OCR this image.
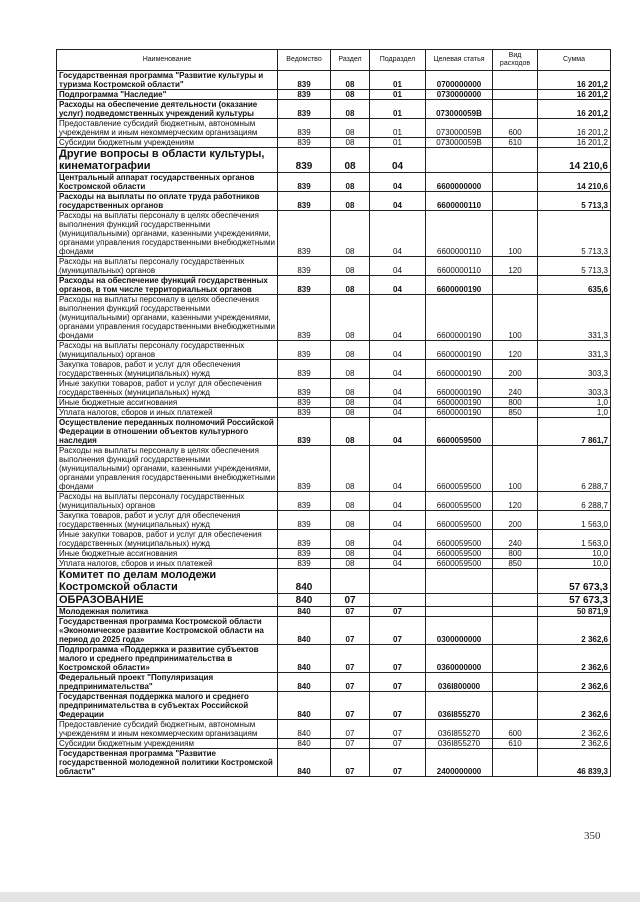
Наименование	Ведомство	Раздел	Подраздел	Целевая статья	Вид расходов	Сумма
Государственная программа "Развитие культуры и туризма Костромской области"	839	08	01	0700000000		16 201,2
Подпрограмма "Наследие"	839	08	01	0730000000		16 201,2
Расходы на обеспечение деятельности (оказание услуг) подведомственных учреждений культуры	839	08	01	073000059В		16 201,2
Предоставление субсидий бюджетным, автономным учреждениям и иным некоммерческим организациям	839	08	01	073000059В	600	16 201,2
Субсидии бюджетным учреждениям	839	08	01	073000059В	610	16 201,2
Другие вопросы в области культуры, кинематографии	839	08	04			14 210,6
Центральный аппарат государственных органов Костромской области	839	08	04	6600000000		14 210,6
Расходы на выплаты по оплате труда работников государственных органов	839	08	04	6600000110		5 713,3
Расходы на выплаты персоналу в целях обеспечения выполнения функций государственными (муниципальными) органами, казенными учреждениями, органами управления государственными внебюджетными фондами	839	08	04	6600000110	100	5 713,3
Расходы на выплаты персоналу государственных (муниципальных) органов	839	08	04	6600000110	120	5 713,3
Расходы на обеспечение функций государственных органов, в том числе территориальных органов	839	08	04	6600000190		635,6
Расходы на выплаты персоналу в целях обеспечения выполнения функций государственными (муниципальными) органами, казенными учреждениями, органами управления государственными внебюджетными фондами	839	08	04	6600000190	100	331,3
Расходы на выплаты персоналу государственных (муниципальных) органов	839	08	04	6600000190	120	331,3
Закупка товаров, работ и услуг для обеспечения государственных (муниципальных) нужд	839	08	04	6600000190	200	303,3
Иные закупки товаров, работ и услуг для обеспечения государственных (муниципальных) нужд	839	08	04	6600000190	240	303,3
Иные бюджетные ассигнования	839	08	04	6600000190	800	1,0
Уплата налогов, сборов и иных платежей	839	08	04	6600000190	850	1,0
Осуществление переданных полномочий Российской Федерации в отношении объектов культурного наследия	839	08	04	6600059500		7 861,7
Расходы на выплаты персоналу в целях обеспечения выполнения функций государственными (муниципальными) органами, казенными учреждениями, органами управления государственными внебюджетными фондами	839	08	04	6600059500	100	6 288,7
Расходы на выплаты персоналу государственных (муниципальных) органов	839	08	04	6600059500	120	6 288,7
Закупка товаров, работ и услуг для обеспечения государственных (муниципальных) нужд	839	08	04	6600059500	200	1 563,0
Иные закупки товаров, работ и услуг для обеспечения государственных (муниципальных) нужд	839	08	04	6600059500	240	1 563,0
Иные бюджетные ассигнования	839	08	04	6600059500	800	10,0
Уплата налогов, сборов и иных платежей	839	08	04	6600059500	850	10,0
Комитет по делам молодежи Костромской области	840					57 673,3
ОБРАЗОВАНИЕ	840	07				57 673,3
Молодежная политика	840	07	07			50 871,9
Государственная программа Костромской области «Экономическое развитие Костромской области на период до 2025 года»	840	07	07	0300000000		2 362,6
Подпрограмма «Поддержка и развитие субъектов малого и среднего предпринимательства в Костромской области»	840	07	07	0360000000		2 362,6
Федеральный проект "Популяризация предпринимательства"	840	07	07	036I800000		2 362,6
Государственная поддержка малого и среднего предпринимательства в субъектах Российской Федерации	840	07	07	036I855270		2 362,6
Предоставление субсидий бюджетным, автономным учреждениям и иным некоммерческим организациям	840	07	07	036I855270	600	2 362,6
Субсидии бюджетным учреждениям	840	07	07	036I855270	610	2 362,6
Государственная программа "Развитие государственной молодежной политики Костромской области"	840	07	07	2400000000		46 839,3
350
